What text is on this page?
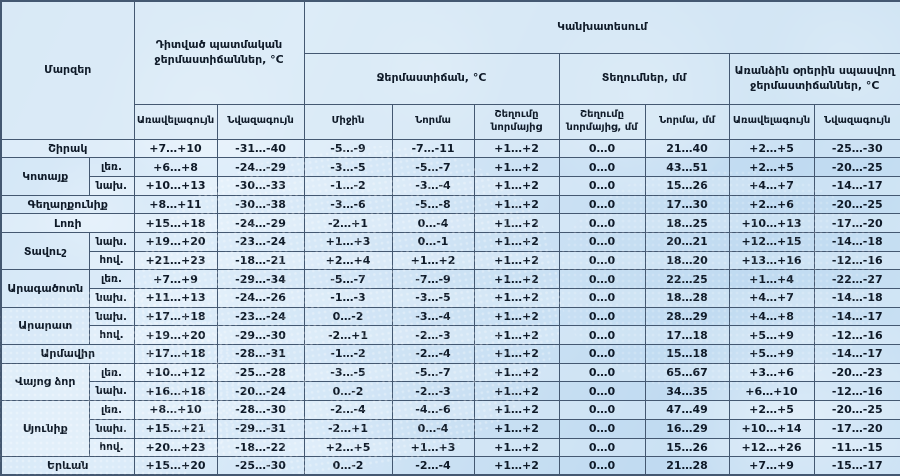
Մարզեր		Դիտված պատմական ջերմաստիճաններ, °C		Կանխատեսում						
				Ջերմաստիճան, °C			Տեղումներ, մմ		Առանձին օրերին սպասվող ջերմաստիճաններ, °C	
		Առավելագույն	Նվազագույն	Միջին	Նորմա	Շեղումը նորմայից	Շեղումը նորմայից, մմ	Նորմա, մմ	Առավելագույն	Նվազագույն
Շիրակ		+7…+10	-31…-40	-5…-9	-7…-11	+1…+2	0…0	21…40	+2…+5	-25…-30
Կոտայք	լեռ.	+6…+8	-24…-29	-3…-5	-5…-7	+1…+2	0…0	43…51	+2…+5	-20…-25
	նախ.	+10…+13	-30…-33	-1…-2	-3…-4	+1…+2	0…0	15…26	+4…+7	-14…-17
Գեղարքունիք		+8…+11	-30…-38	-3…-6	-5…-8	+1…+2	0…0	17…30	+2…+6	-20…-25
Լոռի		+15…+18	-24…-29	-2…+1	0…-4	+1…+2	0…0	18…25	+10…+13	-17…-20
Տավուշ	նախ.	+19…+20	-23…-24	+1…+3	0…-1	+1…+2	0…0	20…21	+12…+15	-14…-18
	հով.	+21…+23	-18…-21	+2…+4	+1…+2	+1…+2	0…0	18…20	+13…+16	-12…-16
Արագածոտն	լեռ.	+7…+9	-29…-34	-5…-7	-7…-9	+1…+2	0…0	22…25	+1…+4	-22…-27
	նախ.	+11…+13	-24…-26	-1…-3	-3…-5	+1…+2	0…0	18…28	+4…+7	-14…-18
Արարատ	նախ.	+17…+18	-23…-24	0…-2	-3…-4	+1…+2	0…0	28…29	+4…+8	-14…-17
	հով.	+19…+20	-29…-30	-2…+1	-2…-3	+1…+2	0…0	17…18	+5…+9	-12…-16
Արմավիր		+17…+18	-28…-31	-1…-2	-2…-4	+1…+2	0…0	15…18	+5…+9	-14…-17
Վայոց ձոր	լեռ.	+10…+12	-25…-28	-3…-5	-5…-7	+1…+2	0…0	65…67	+3…+6	-20…-23
	նախ.	+16…+18	-20…-24	0…-2	-2…-3	+1…+2	0…0	34…35	+6…+10	-12…-16
Սյունիք	լեռ.	+8…+10	-28…-30	-2…-4	-4…-6	+1…+2	0…0	47…49	+2…+5	-20…-25
	նախ.	+15…+21	-29…-31	-2…+1	0…-4	+1…+2	0…0	16…29	+10…+14	-17…-20
	հով.	+20…+23	-18…-22	+2…+5	+1…+3	+1…+2	0…0	15…26	+12…+26	-11…-15
Երևան		+15…+20	-25…-30	0…-2	-2…-4	+1…+2	0…0	21…28	+7…+9	-15…-17
